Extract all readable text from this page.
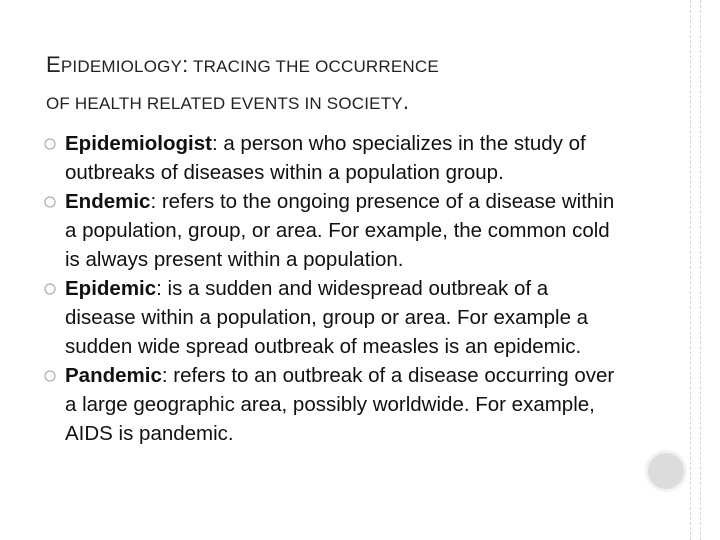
EPIDEMIOLOGY: TRACING THE OCCURRENCE
OF HEALTH RELATED EVENTS IN SOCIETY.
Epidemiologist: a person who specializes in the study of outbreaks of diseases within a population group.
Endemic: refers to the ongoing presence of a disease within a population, group, or area. For example, the common cold is always present within a population.
Epidemic: is a sudden and widespread outbreak of a disease within a population, group or area. For example a sudden wide spread outbreak of measles is an epidemic.
Pandemic: refers to an outbreak of a disease occurring over a large geographic area, possibly worldwide. For example, AIDS is pandemic.
